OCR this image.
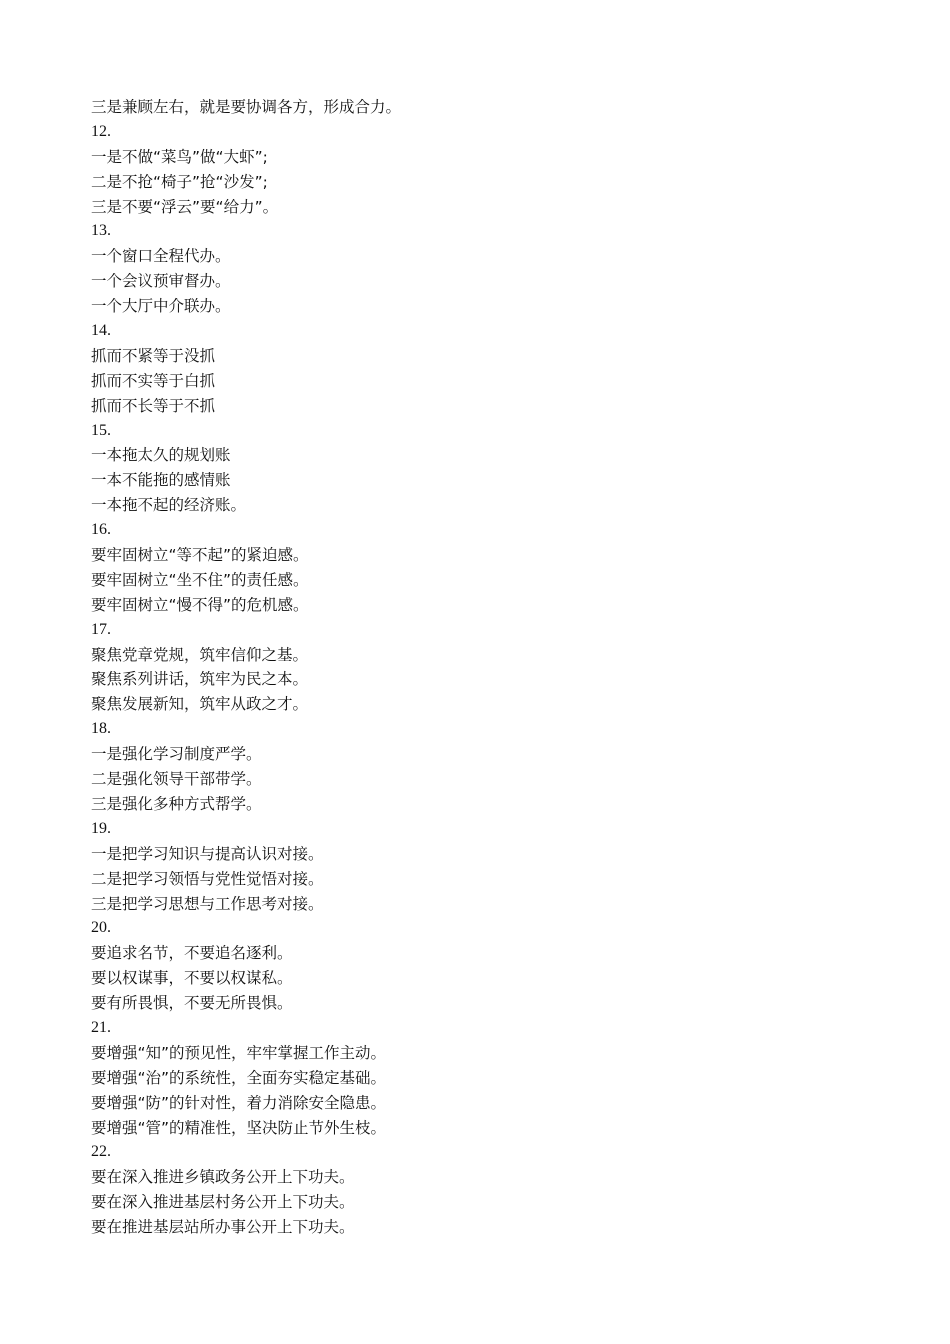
三是兼顾左右，就是要协调各方，形成合力。
12.
一是不做“菜鸟”做“大虾”;
二是不抢“椅子”抢“沙发”;
三是不要“浮云”要“给力”。
13.
一个窗口全程代办。
一个会议预审督办。
一个大厅中介联办。
14.
抓而不紧等于没抓
抓而不实等于白抓
抓而不长等于不抓
15.
一本拖太久的规划账
一本不能拖的感情账
一本拖不起的经济账。
16.
要牢固树立“等不起”的紧迫感。
要牢固树立“坐不住”的责任感。
要牢固树立“慢不得”的危机感。
17.
聚焦党章党规，筑牢信仰之基。
聚焦系列讲话，筑牢为民之本。
聚焦发展新知，筑牢从政之才。
18.
一是强化学习制度严学。
二是强化领导干部带学。
三是强化多种方式帮学。
19.
一是把学习知识与提高认识对接。
二是把学习领悟与党性觉悟对接。
三是把学习思想与工作思考对接。
20.
要追求名节，不要追名逐利。
要以权谋事，不要以权谋私。
要有所畏惧，不要无所畏惧。
21.
要增强“知”的预见性，牢牢掌握工作主动。
要增强“治”的系统性，全面夯实稳定基础。
要增强“防”的针对性，着力消除安全隐患。
要增强“管”的精准性，坚决防止节外生枝。
22.
要在深入推进乡镇政务公开上下功夫。
要在深入推进基层村务公开上下功夫。
要在推进基层站所办事公开上下功夫。
